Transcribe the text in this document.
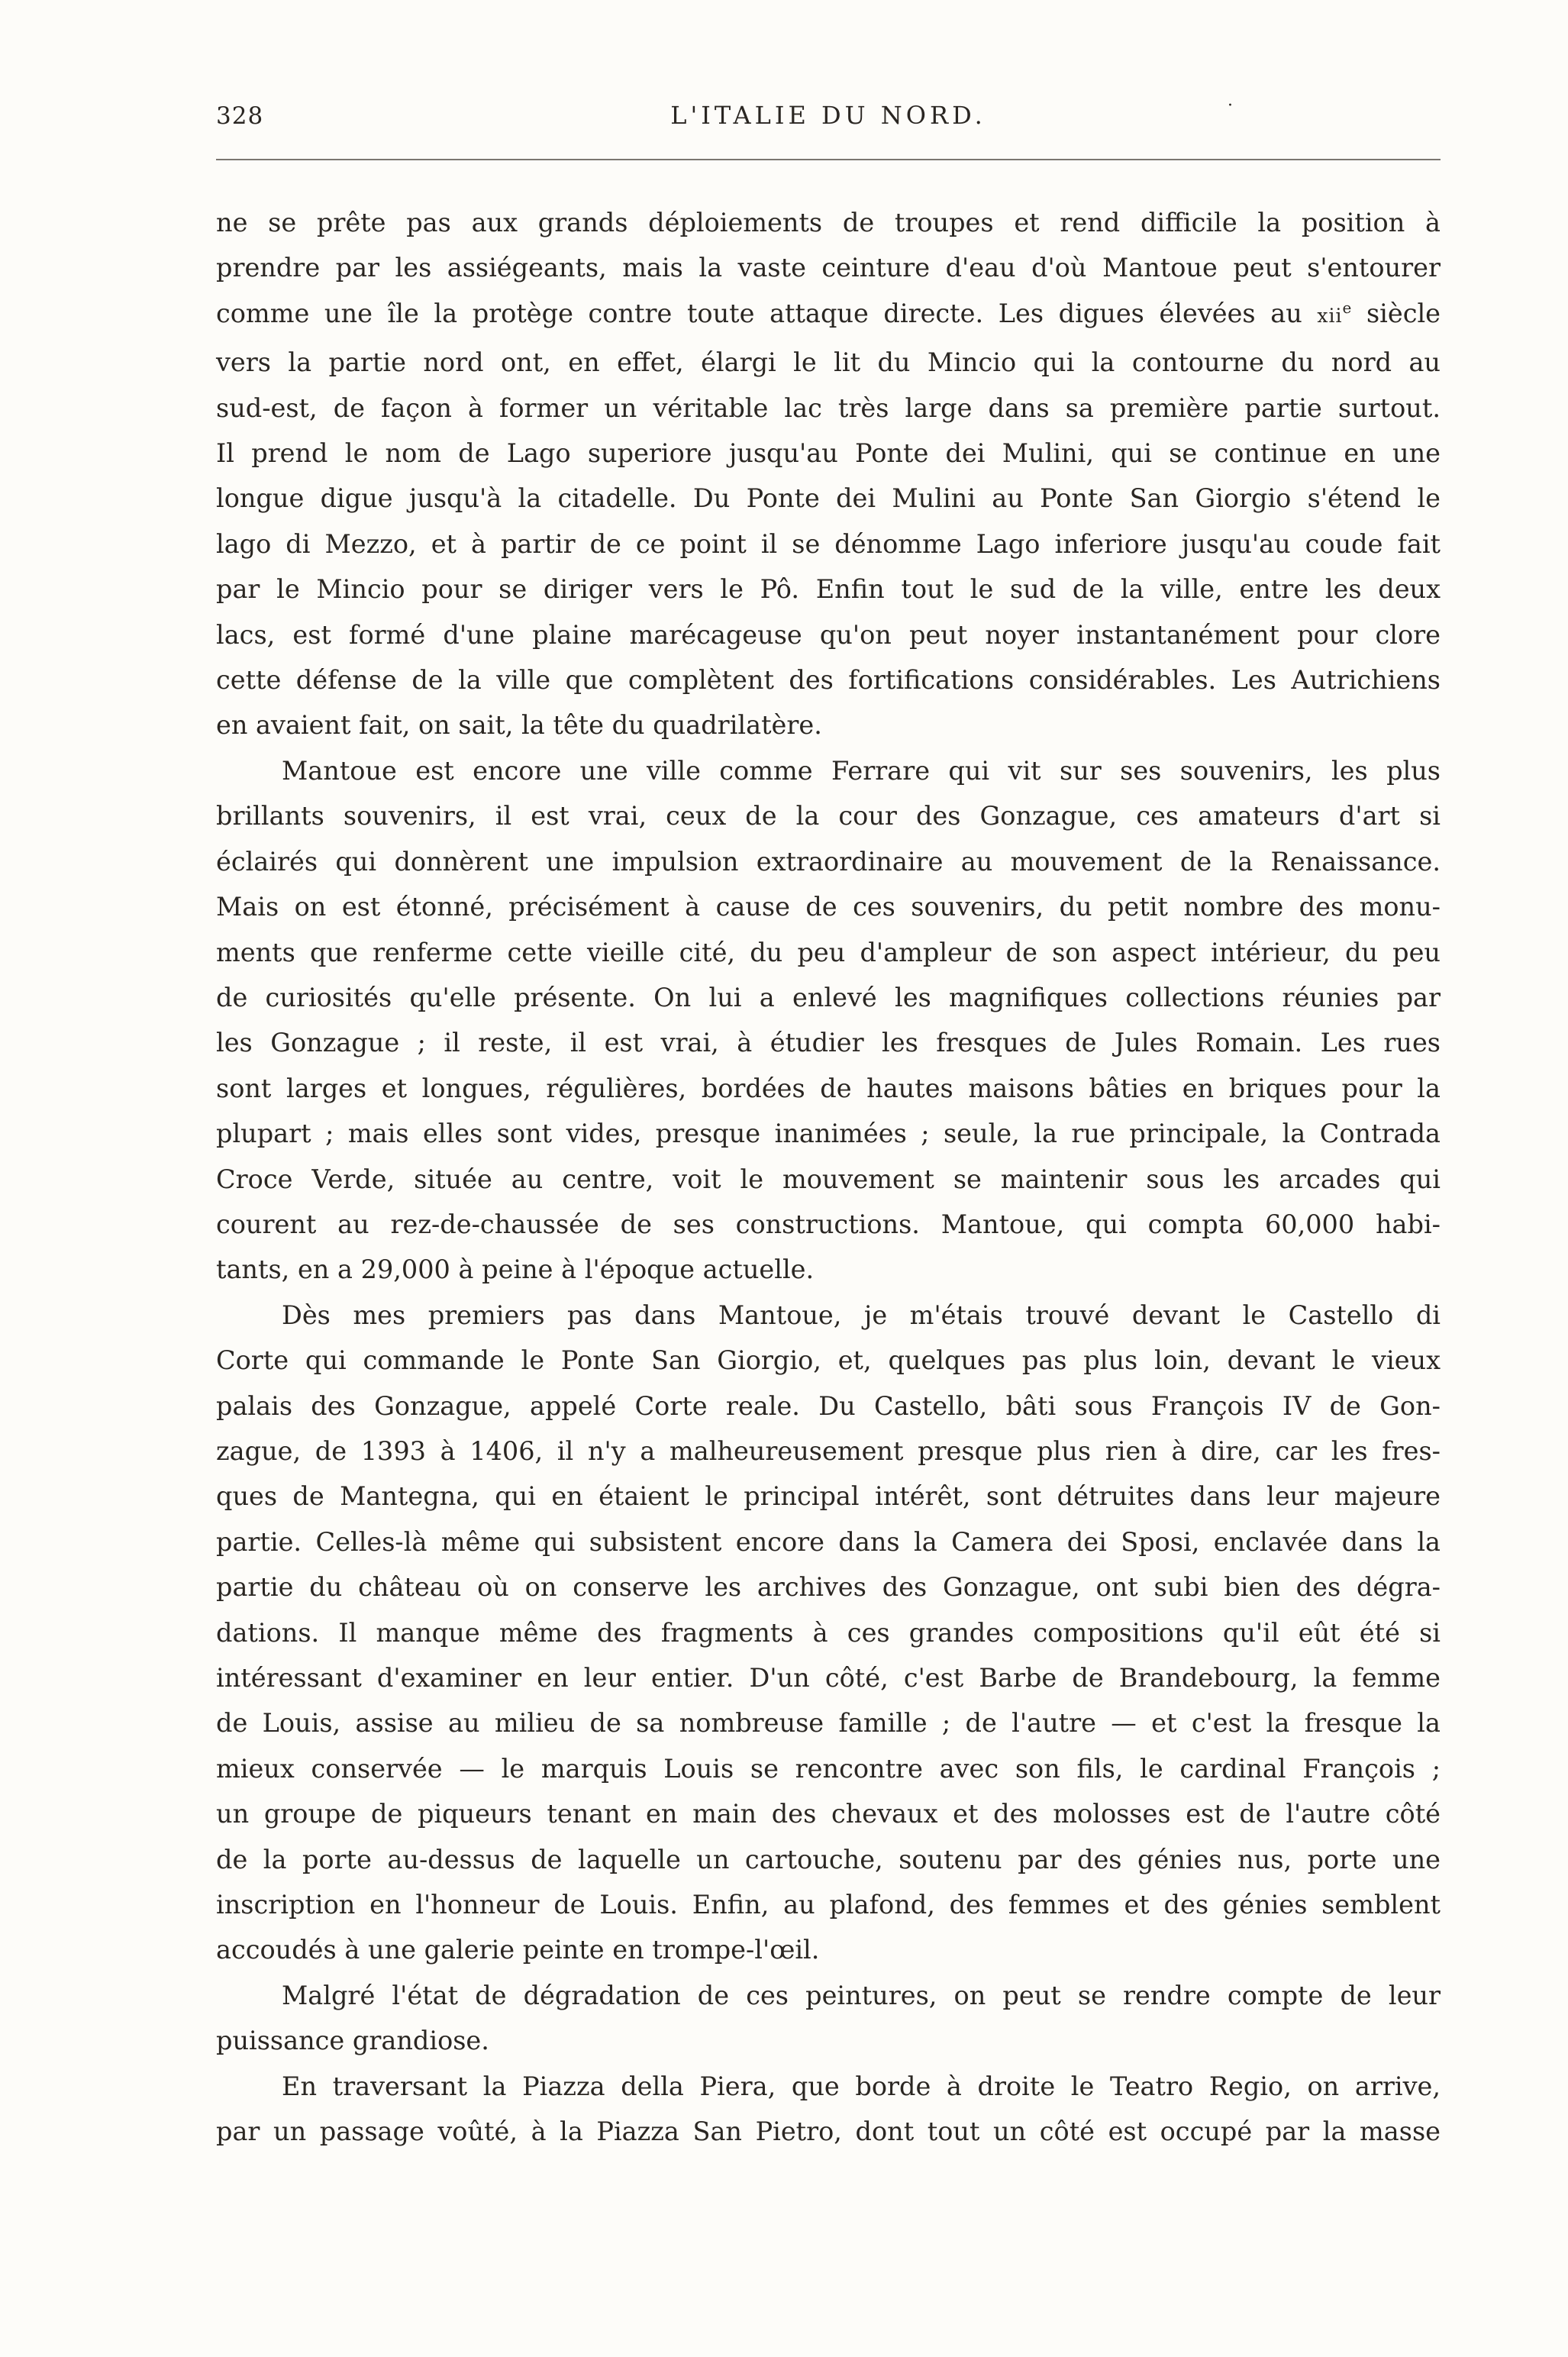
328	L'ITALIE DU NORD.	·

ne se prête pas aux grands déploiements de troupes et rend difficile la position à
prendre par les assiégeants, mais la vaste ceinture d'eau d'où Mantoue peut s'entourer
comme une île la protège contre toute attaque directe. Les digues élevées au xii$^e$ siècle
vers la partie nord ont, en effet, élargi le lit du Mincio qui la contourne du nord au
sud-est, de façon à former un véritable lac très large dans sa première partie surtout.
Il prend le nom de Lago superiore jusqu'au Ponte dei Mulini, qui se continue en une
longue digue jusqu'à la citadelle. Du Ponte dei Mulini au Ponte San Giorgio s'étend le
lago di Mezzo, et à partir de ce point il se dénomme Lago inferiore jusqu'au coude fait
par le Mincio pour se diriger vers le Pô. Enfin tout le sud de la ville, entre les deux
lacs, est formé d'une plaine marécageuse qu'on peut noyer instantanément pour clore
cette défense de la ville que complètent des fortifications considérables. Les Autrichiens
en avaient fait, on sait, la tête du quadrilatère.

Mantoue est encore une ville comme Ferrare qui vit sur ses souvenirs, les plus
brillants souvenirs, il est vrai, ceux de la cour des Gonzague, ces amateurs d'art si
éclairés qui donnèrent une impulsion extraordinaire au mouvement de la Renaissance.
Mais on est étonné, précisément à cause de ces souvenirs, du petit nombre des monu-
ments que renferme cette vieille cité, du peu d'ampleur de son aspect intérieur, du peu
de curiosités qu'elle présente. On lui a enlevé les magnifiques collections réunies par
les Gonzague ; il reste, il est vrai, à étudier les fresques de Jules Romain. Les rues
sont larges et longues, régulières, bordées de hautes maisons bâties en briques pour la
plupart ; mais elles sont vides, presque inanimées ; seule, la rue principale, la Contrada
Croce Verde, située au centre, voit le mouvement se maintenir sous les arcades qui
courent au rez-de-chaussée de ses constructions. Mantoue, qui compta 60,000 habi-
tants, en a 29,000 à peine à l'époque actuelle.

Dès mes premiers pas dans Mantoue, je m'étais trouvé devant le Castello di
Corte qui commande le Ponte San Giorgio, et, quelques pas plus loin, devant le vieux
palais des Gonzague, appelé Corte reale. Du Castello, bâti sous François IV de Gon-
zague, de 1393 à 1406, il n'y a malheureusement presque plus rien à dire, car les fres-
ques de Mantegna, qui en étaient le principal intérêt, sont détruites dans leur majeure
partie. Celles-là même qui subsistent encore dans la Camera dei Sposi, enclavée dans la
partie du château où on conserve les archives des Gonzague, ont subi bien des dégra-
dations. Il manque même des fragments à ces grandes compositions qu'il eût été si
intéressant d'examiner en leur entier. D'un côté, c'est Barbe de Brandebourg, la femme
de Louis, assise au milieu de sa nombreuse famille ; de l'autre — et c'est la fresque la
mieux conservée — le marquis Louis se rencontre avec son fils, le cardinal François ;
un groupe de piqueurs tenant en main des chevaux et des molosses est de l'autre côté
de la porte au-dessus de laquelle un cartouche, soutenu par des génies nus, porte une
inscription en l'honneur de Louis. Enfin, au plafond, des femmes et des génies semblent
accoudés à une galerie peinte en trompe-l'œil.

Malgré l'état de dégradation de ces peintures, on peut se rendre compte de leur
puissance grandiose.

En traversant la Piazza della Piera, que borde à droite le Teatro Regio, on arrive,
par un passage voûté, à la Piazza San Pietro, dont tout un côté est occupé par la masse
